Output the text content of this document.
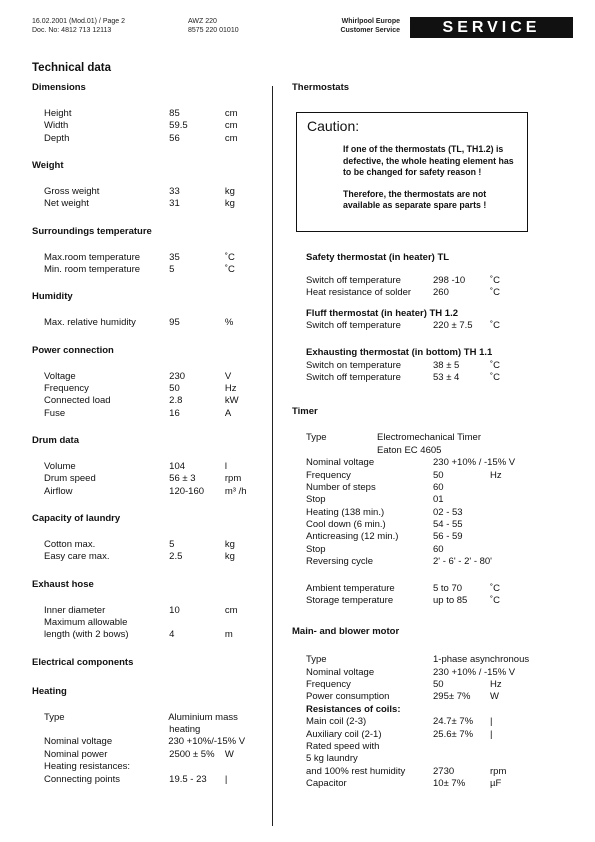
16.02.2001 (Mod.01) / Page 2
Doc. No: 4812 713 12113
AWZ 220
8575 220 01010
Whirlpool Europe
Customer Service	SERVICE
Technical data
Dimensions
Height	85	cm
Width	59.5	cm
Depth	56	cm
Weight
Gross weight	33	kg
Net weight	31	kg
Surroundings temperature
Max.room temperature	35	˚C
Min. room temperature	5	˚C
Humidity
Max. relative humidity	95	%
Power connection
Voltage	230	V
Frequency	50	Hz
Connected load	2.8	kW
Fuse	16	A
Drum data
Volume	104	l
Drum speed	56 ± 3	rpm
Airflow	120-160	m³ /h
Capacity of laundry
Cotton max.	5	kg
Easy care max.	2.5	kg
Exhaust hose
Inner diameter	10	cm
Maximum allowable
length (with 2 bows)	4	m
Electrical components
Heating
Type	Aluminium mass
heating
Nominal voltage	230 +10%/-15% V
Nominal power	2500 ± 5%	W
Heating resistances:
Connecting points	19.5 - 23	|
Thermostats
Caution:

If one of the thermostats (TL, TH1.2) is defective, the whole heating element has to be changed for safety reason !

Therefore, the thermostats are not available as separate spare parts !

Safety thermostat (in heater) TL
Switch off temperature	298 -10	˚C
Heat resistance of solder	260	˚C
Fluff thermostat (in heater) TH 1.2
Switch off temperature	220 ± 7.5	˚C
Exhausting thermostat (in bottom) TH 1.1
Switch on temperature	38 ± 5	˚C
Switch off temperature	53 ± 4	˚C
Timer
Type	Electromechanical Timer
Eaton EC 4605
Nominal voltage	230 +10% / -15% V
Frequency	50	Hz
Number of steps	60
Stop	01
Heating (138 min.)	02 - 53
Cool down (6 min.)	54 - 55
Anticreasing (12 min.)	56 - 59
Stop	60
Reversing cycle	2' - 6' - 2' - 80'
Ambient temperature	5 to 70	˚C
Storage temperature	up to 85	˚C
Main- and blower motor
Type	1-phase asynchronous
Nominal voltage	230 +10% / -15% V
Frequency	50	Hz
Power consumption	295± 7%	W
Resistances of coils:
Main coil (2-3)	24.7± 7%	|
Auxiliary coil (2-1)	25.6± 7%	|
Rated speed with
5 kg laundry
and 100% rest humidity	2730	rpm
Capacitor	10± 7%	µF
